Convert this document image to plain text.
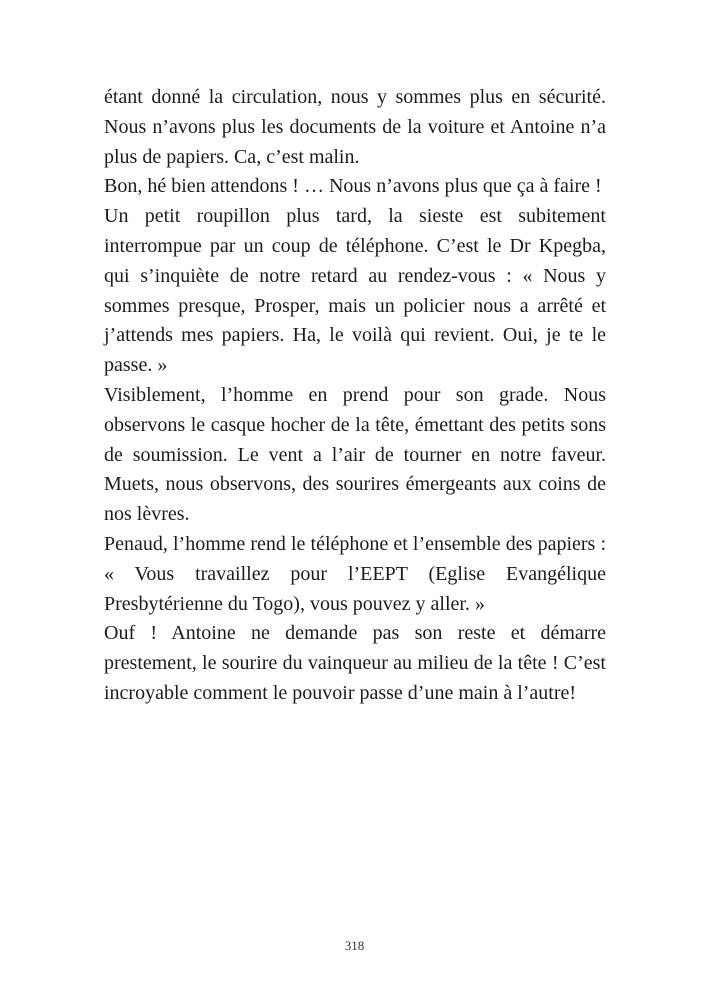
étant donné la circulation, nous y sommes plus en sécurité. Nous n’avons plus les documents de la voiture et Antoine n’a plus de papiers. Ca, c’est malin.

Bon, hé bien attendons ! … Nous n’avons plus que ça à faire !

Un petit roupillon plus tard, la sieste est subitement interrompue par un coup de téléphone. C’est le Dr Kpegba, qui s’inquiète de notre retard au rendez-vous : « Nous y sommes presque, Prosper, mais un policier nous a arrêté et j’attends mes papiers. Ha, le voilà qui revient. Oui, je te le passe. »

Visiblement, l’homme en prend pour son grade. Nous observons le casque hocher de la tête, émettant des petits sons de soumission. Le vent a l’air de tourner en notre faveur. Muets, nous observons, des sourires émergeants aux coins de nos lèvres.

Penaud, l’homme rend le téléphone et l’ensemble des papiers : « Vous travaillez pour l’EEPT (Eglise Evangélique Presbytérienne du Togo), vous pouvez y aller. »

Ouf ! Antoine ne demande pas son reste et démarre prestement, le sourire du vainqueur au milieu de la tête ! C’est incroyable comment le pouvoir passe d’une main à l’autre!

318
